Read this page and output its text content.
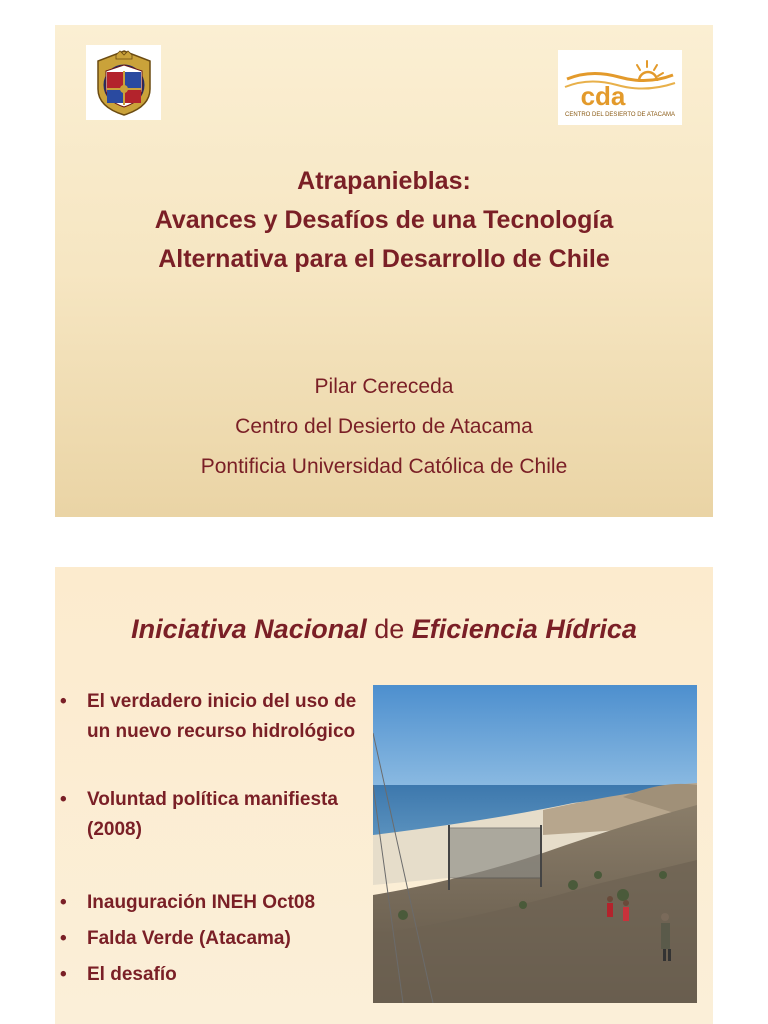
cda
CENTRO DEL DESIERTO DE ATACAMA
Atrapanieblas:
Avances y Desafíos de una Tecnología
Alternativa para el Desarrollo de Chile
Pilar Cereceda
Centro del Desierto de Atacama
Pontificia Universidad Católica de Chile
Iniciativa Nacional de Eficiencia Hídrica
•	El verdadero inicio del uso de un nuevo recurso hidrológico
•	Voluntad política manifiesta (2008)
•	Inauguración INEH Oct08
•	Falda Verde (Atacama)
•	El desafío
